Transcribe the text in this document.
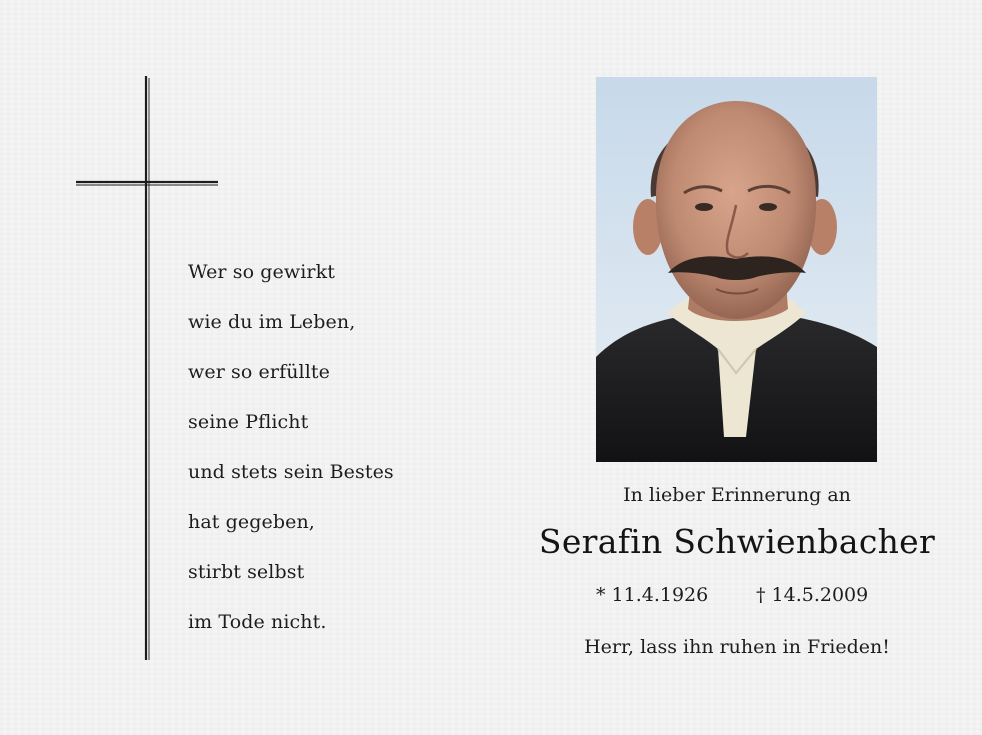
Wer so gewirkt
wie du im Leben,
wer so erfüllte
seine Pflicht
und stets sein Bestes
hat gegeben,
stirbt selbst
im Tode nicht.
In lieber Erinnerung an
Serafin Schwienbacher
* 11.4.1926	† 14.5.2009
Herr, lass ihn ruhen in Frieden!
